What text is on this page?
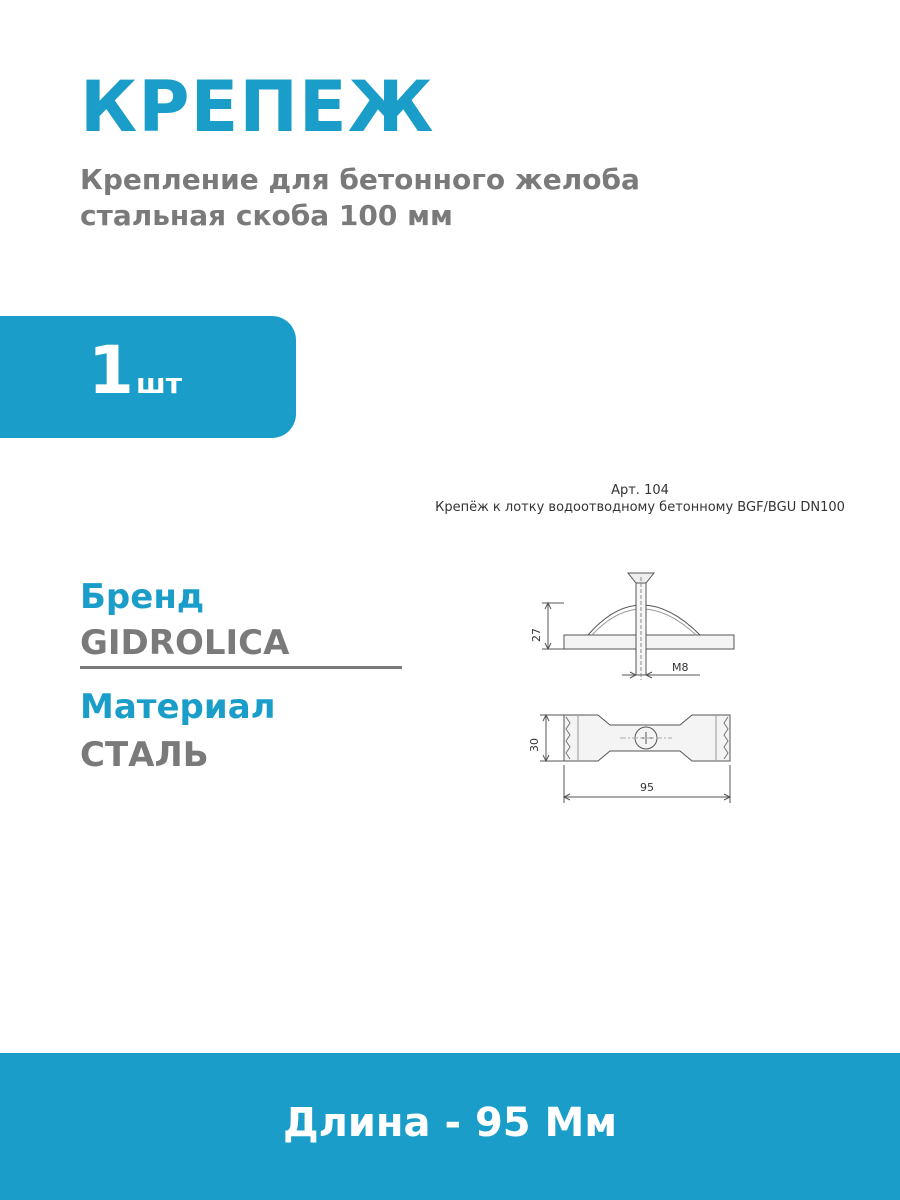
КРЕПЕЖ
Крепление для бетонного желоба
стальная скоба 100 мм
1 шт
Бренд
GIDROLICA
Материал
СТАЛЬ
Арт. 104
Крепёж к лотку водоотводному бетонному BGF/BGU DN100
27
M8
30
95
Длина - 95 Мм
